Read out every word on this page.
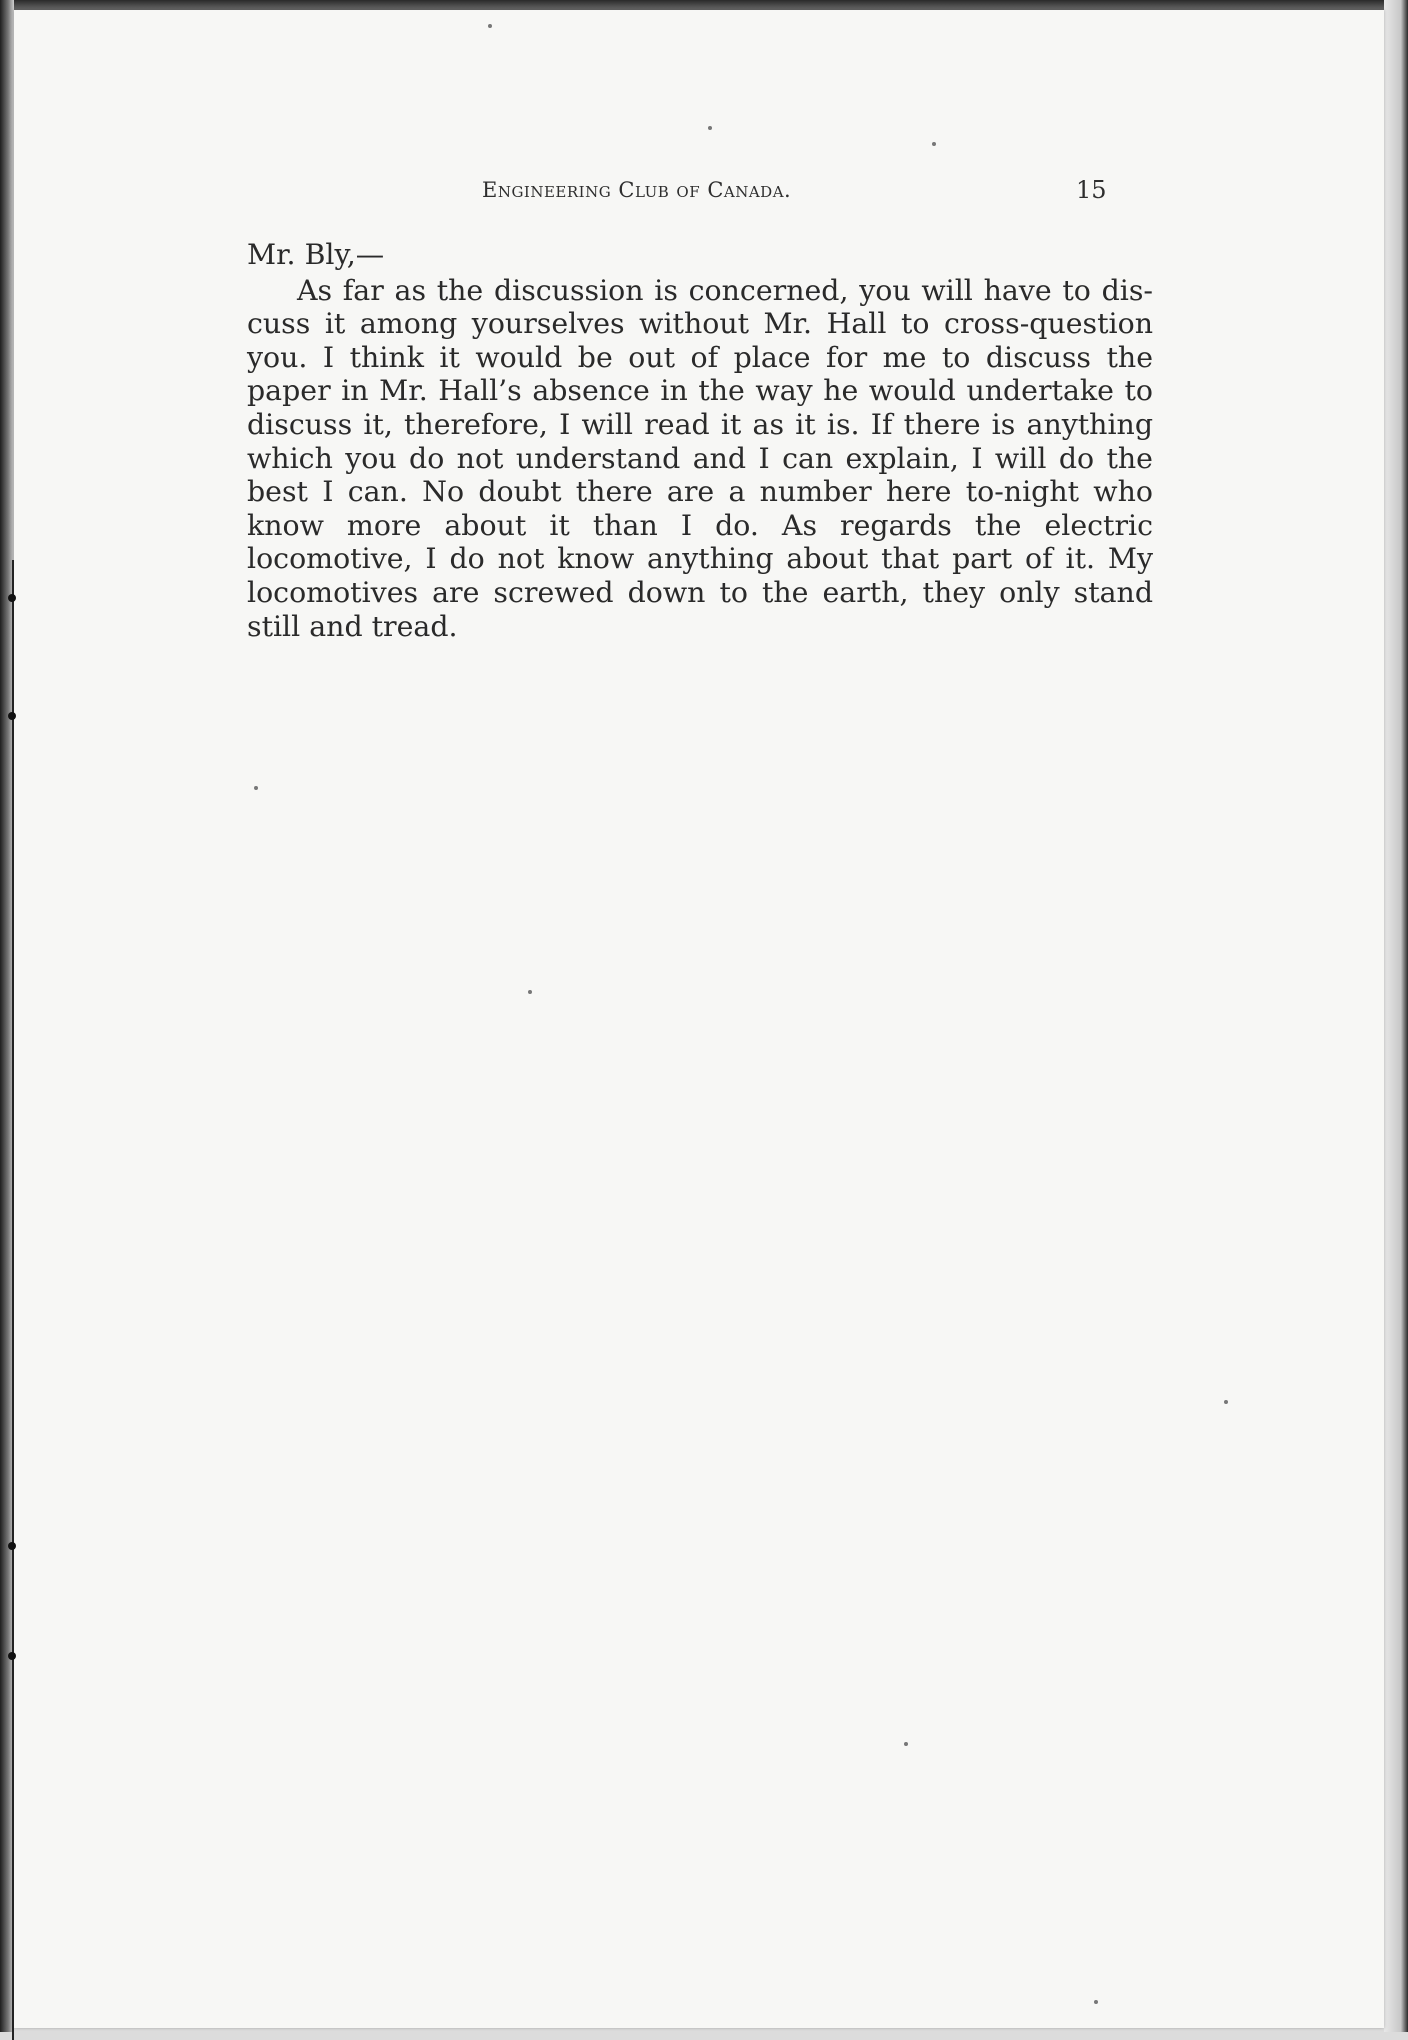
Engineering Club of Canada.	15

Mr. Bly,—

As far as the discussion is concerned, you will have to discuss it among yourselves without Mr. Hall to cross-question you. I think it would be out of place for me to discuss the paper in Mr. Hall’s absence in the way he would undertake to discuss it, therefore, I will read it as it is. If there is anything which you do not understand and I can explain, I will do the best I can. No doubt there are a number here to-night who know more about it than I do. As regards the electric locomotive, I do not know anything about that part of it. My locomotives are screwed down to the earth, they only stand still and tread.
